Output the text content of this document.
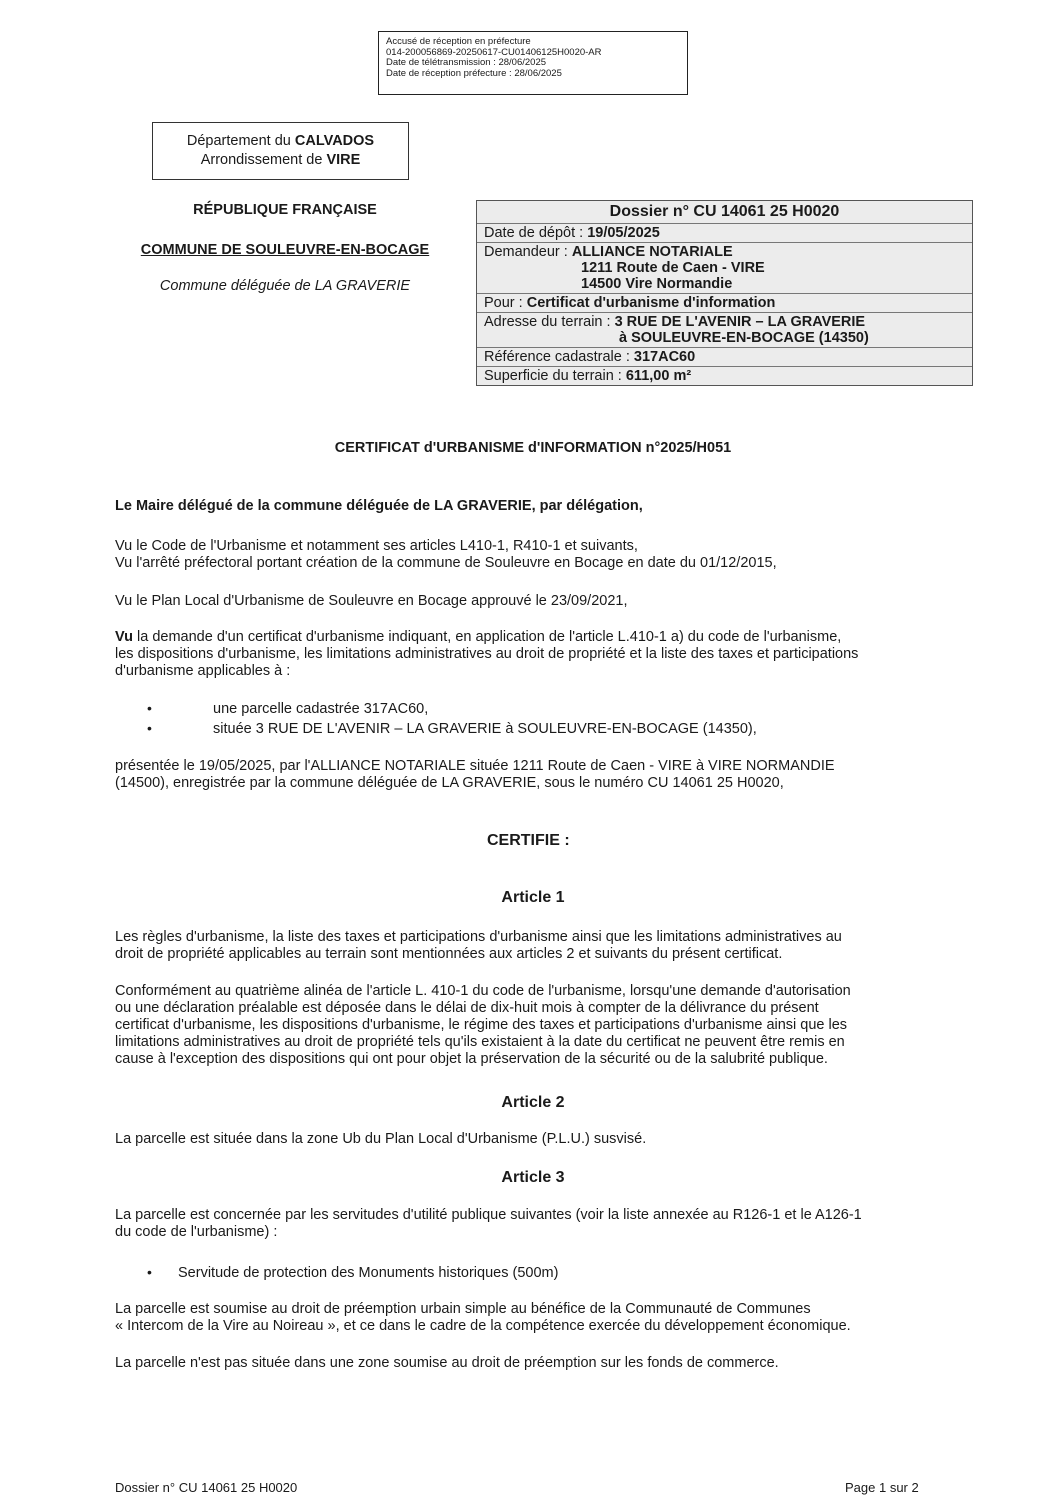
Accusé de réception en préfecture
014-200056869-20250617-CU01406125H0020-AR
Date de télétransmission : 28/06/2025
Date de réception préfecture : 28/06/2025
Département du CALVADOS
Arrondissement de VIRE
RÉPUBLIQUE FRANÇAISE
COMMUNE DE SOULEUVRE-EN-BOCAGE
Commune déléguée de LA GRAVERIE
Dossier n° CU 14061 25 H0020
Date de dépôt : 19/05/2025
Demandeur : ALLIANCE NOTARIALE
1211 Route de Caen - VIRE
14500 Vire Normandie
Pour : Certificat d'urbanisme d'information
Adresse du terrain : 3 RUE DE L'AVENIR – LA GRAVERIE
à SOULEUVRE-EN-BOCAGE (14350)
Référence cadastrale : 317AC60
Superficie du terrain : 611,00 m²
CERTIFICAT d'URBANISME d'INFORMATION n°2025/H051
Le Maire délégué de la commune déléguée de LA GRAVERIE, par délégation,
Vu le Code de l'Urbanisme et notamment ses articles L410-1, R410-1 et suivants,
Vu l'arrêté préfectoral portant création de la commune de Souleuvre en Bocage en date du 01/12/2015,
Vu le Plan Local d'Urbanisme de Souleuvre en Bocage approuvé le 23/09/2021,
Vu la demande d'un certificat d'urbanisme indiquant, en application de l'article L.410-1 a) du code de l'urbanisme,
les dispositions d'urbanisme, les limitations administratives au droit de propriété et la liste des taxes et participations
d'urbanisme applicables à :
•	une parcelle cadastrée 317AC60,
•	située 3 RUE DE L'AVENIR – LA GRAVERIE à SOULEUVRE-EN-BOCAGE (14350),
présentée le 19/05/2025, par l'ALLIANCE NOTARIALE située 1211 Route de Caen - VIRE à VIRE NORMANDIE
(14500), enregistrée par la commune déléguée de LA GRAVERIE, sous le numéro CU 14061 25 H0020,
CERTIFIE :
Article 1
Les règles d'urbanisme, la liste des taxes et participations d'urbanisme ainsi que les limitations administratives au
droit de propriété applicables au terrain sont mentionnées aux articles 2 et suivants du présent certificat.
Conformément au quatrième alinéa de l'article L. 410-1 du code de l'urbanisme, lorsqu'une demande d'autorisation
ou une déclaration préalable est déposée dans le délai de dix-huit mois à compter de la délivrance du présent
certificat d'urbanisme, les dispositions d'urbanisme, le régime des taxes et participations d'urbanisme ainsi que les
limitations administratives au droit de propriété tels qu'ils existaient à la date du certificat ne peuvent être remis en
cause à l'exception des dispositions qui ont pour objet la préservation de la sécurité ou de la salubrité publique.
Article 2
La parcelle est située dans la zone Ub du Plan Local d'Urbanisme (P.L.U.) susvisé.
Article 3
La parcelle est concernée par les servitudes d'utilité publique suivantes (voir la liste annexée au R126-1 et le A126-1
du code de l'urbanisme) :
• Servitude de protection des Monuments historiques (500m)
La parcelle est soumise au droit de préemption urbain simple au bénéfice de la Communauté de Communes
« Intercom de la Vire au Noireau », et ce dans le cadre de la compétence exercée du développement économique.
La parcelle n'est pas située dans une zone soumise au droit de préemption sur les fonds de commerce.
Dossier n° CU 14061 25 H0020	Page 1 sur 2
